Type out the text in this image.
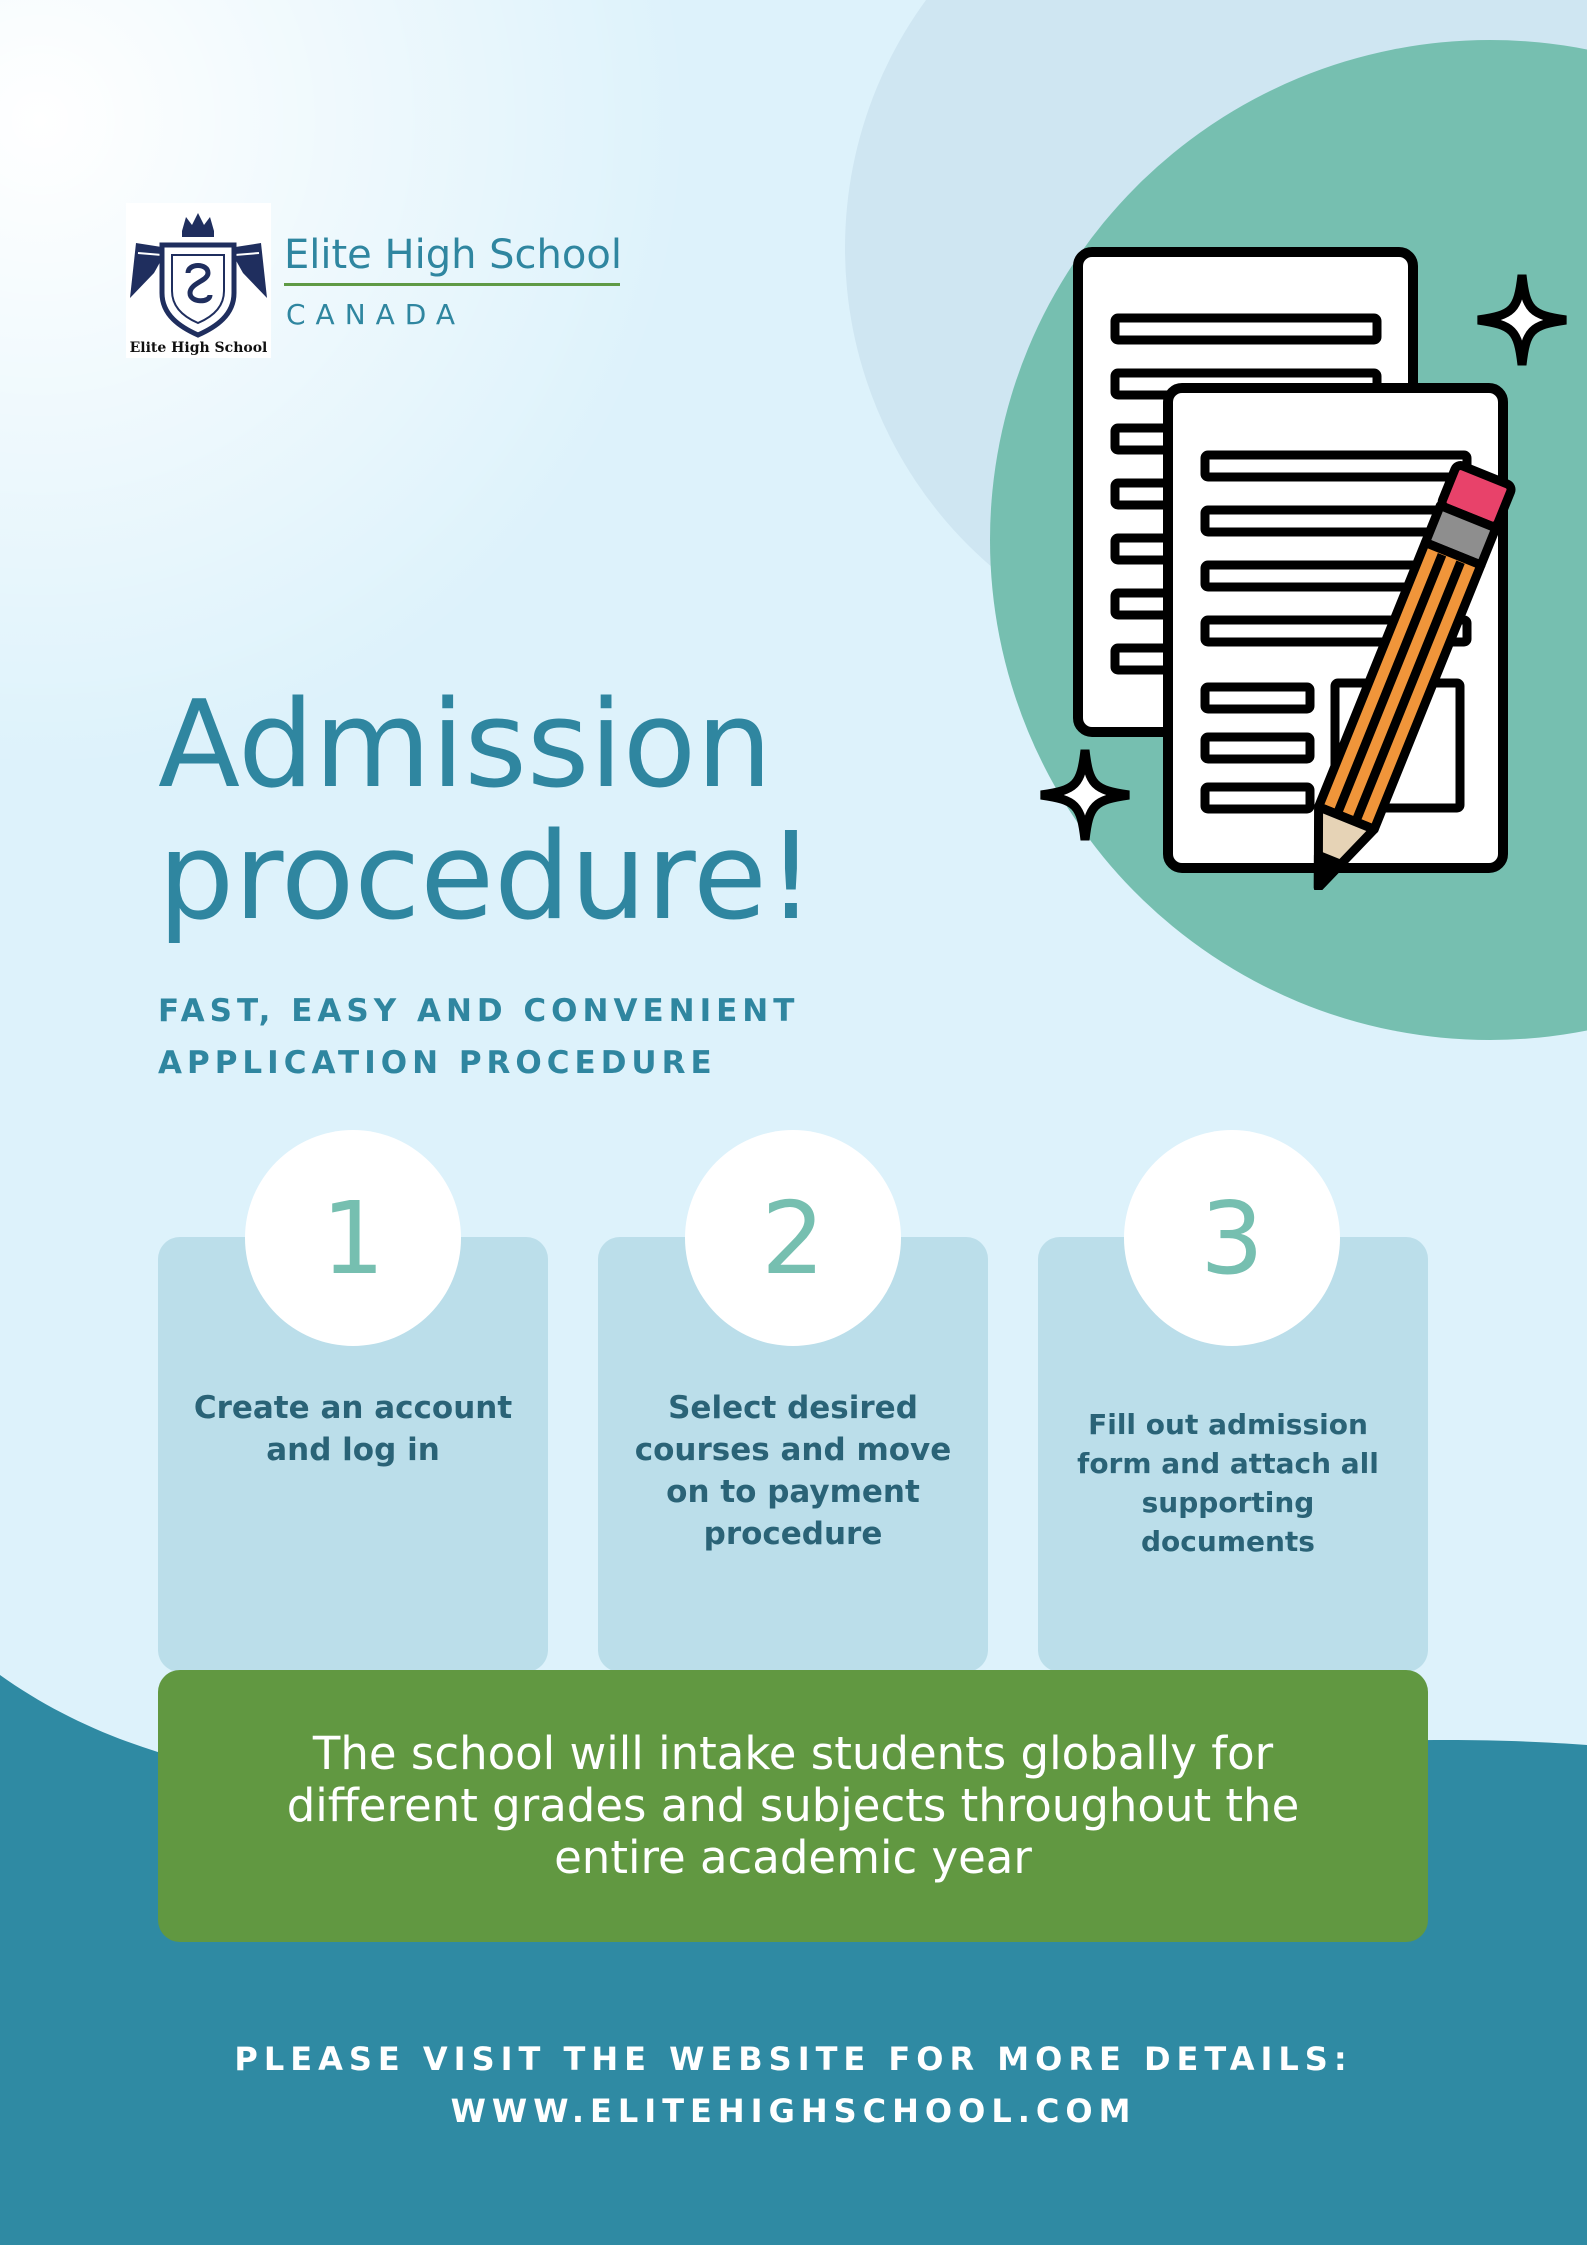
Elite High School
Elite High School
CANADA
Admission
procedure!
FAST, EASY AND CONVENIENT
APPLICATION PROCEDURE
1	2	3
Create an account and log in
Select desired courses and move on to payment procedure
Fill out admission form and attach all supporting documents
The school will intake students globally for different grades and subjects throughout the entire academic year
PLEASE VISIT THE WEBSITE FOR MORE DETAILS:
WWW.ELITEHIGHSCHOOL.COM
